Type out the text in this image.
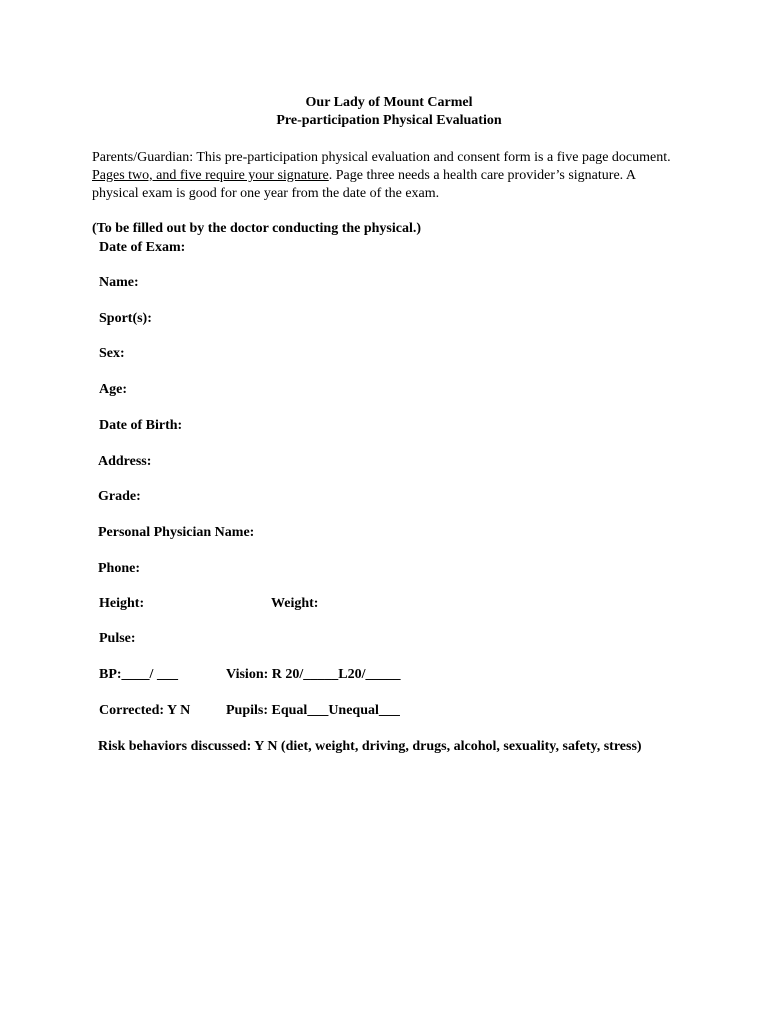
Our Lady of Mount Carmel
Pre-participation Physical Evaluation
Parents/Guardian: This pre-participation physical evaluation and consent form is a five page document. Pages two, and five require your signature. Page three needs a health care provider’s signature. A physical exam is good for one year from the date of the exam.
(To be filled out by the doctor conducting the physical.)
Date of Exam:
Name:
Sport(s):
Sex:
Age:
Date of Birth:
Address:
Grade:
Personal Physician Name:
Phone:
Height:	Weight:
Pulse:
BP:____/ ___	Vision: R 20/_____L20/_____
Corrected: Y N	Pupils: Equal___Unequal___
Risk behaviors discussed: Y N (diet, weight, driving, drugs, alcohol, sexuality, safety, stress)
